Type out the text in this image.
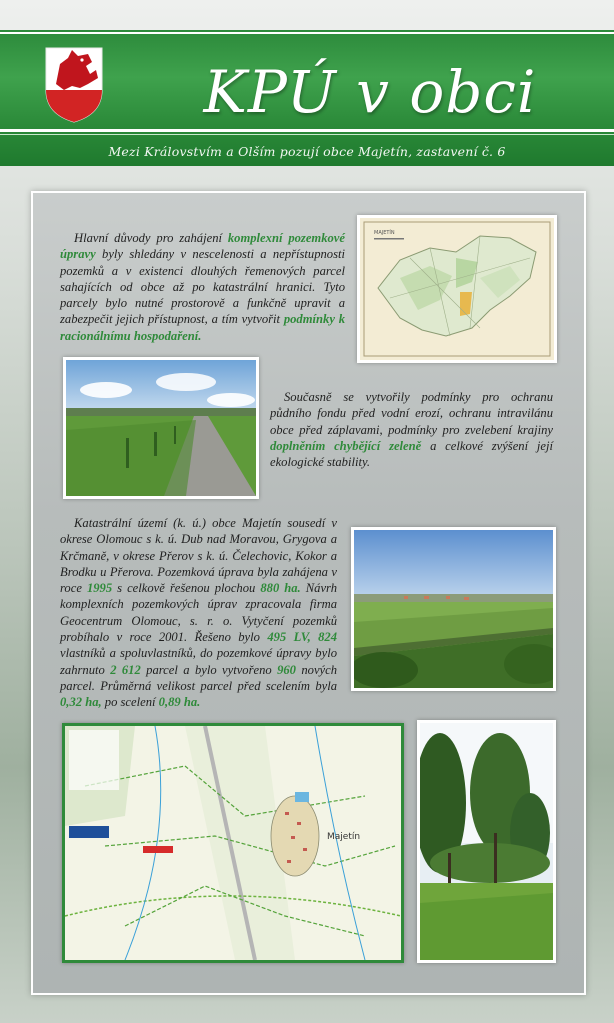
KPÚ v obci
Mezi Královstvím a Olším pozují obce Majetín, zastavení č. 6
Hlavní důvody pro zahájení komplexní pozemkové úpravy byly shledány v nescelenosti a nepřístupnosti pozemků a v existenci dlouhých řemenových parcel sahajících od obce až po katastrální hranici. Tyto parcely bylo nutné prostorově a funkčně upravit a zabezpečit jejich přístupnost, a tím vytvořit podmínky k racionálnímu hospodaření.
MAJETÍN
Současně se vytvořily podmínky pro ochranu půdního fondu před vodní erozí, ochranu intravilánu obce před záplavami, podmínky pro zvelebení krajiny doplněním chybějící zeleně a celkové zvýšení její ekologické stability.
Katastrální území (k. ú.) obce Majetín sousedí v okrese Olomouc s k. ú. Dub nad Moravou, Grygova a Krčmaně, v okrese Přerov s k. ú. Čelechovic, Kokor a Brodku u Přerova. Pozemková úprava byla zahájena v roce 1995 s celkově řešenou plochou 880 ha. Návrh komplexních pozemkových úprav zpracovala firma Geocentrum Olomouc, s. r. o. Vytyčení pozemků probíhalo v roce 2001. Řešeno bylo 495 LV, 824 vlastníků a spoluvlastníků, do pozemkové úpravy bylo zahrnuto 2 612 parcel a bylo vytvořeno 960 nových parcel. Průměrná velikost parcel před scelením byla 0,32 ha, po scelení 0,89 ha.
Majetín
